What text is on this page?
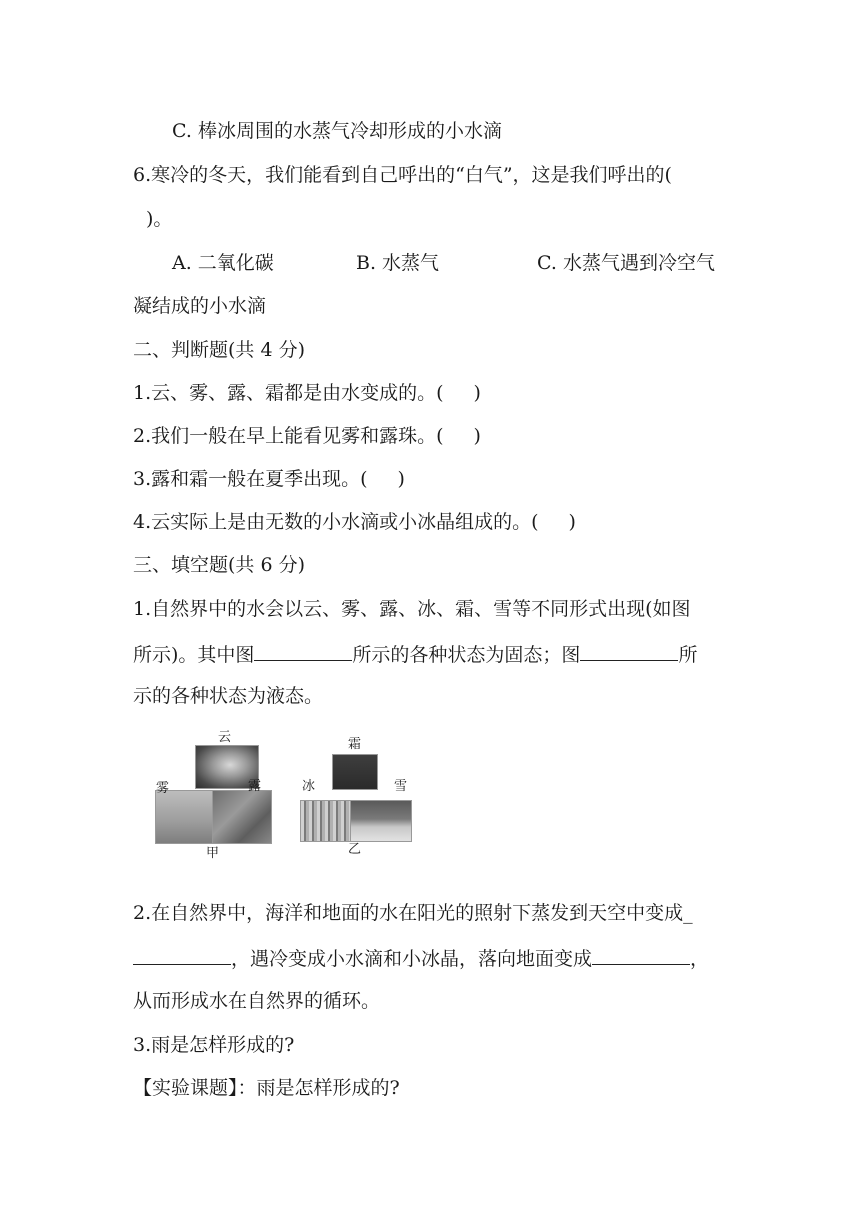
C. 棒冰周围的水蒸气冷却形成的小水滴
6.寒冷的冬天，我们能看到自己呼出的“白气”，这是我们呼出的(
)。
A. 二氧化碳	B. 水蒸气	C. 水蒸气遇到冷空气
凝结成的小水滴
二、判断题(共 4 分)
1.云、雾、露、霜都是由水变成的。( )
2.我们一般在早上能看见雾和露珠。( )
3.露和霜一般在夏季出现。( )
4.云实际上是由无数的小水滴或小冰晶组成的。( )
三、填空题(共 6 分)
1.自然界中的水会以云、雾、露、冰、霜、雪等不同形式出现(如图
所示)。其中图	所示的各种状态为固态；图	所
示的各种状态为液态。
云
雾	露
甲
霜
冰	雪
乙
2.在自然界中，海洋和地面的水在阳光的照射下蒸发到天空中变成_
，遇冷变成小水滴和小冰晶，落向地面变成	，
从而形成水在自然界的循环。
3.雨是怎样形成的?
【实验课题】：雨是怎样形成的?
